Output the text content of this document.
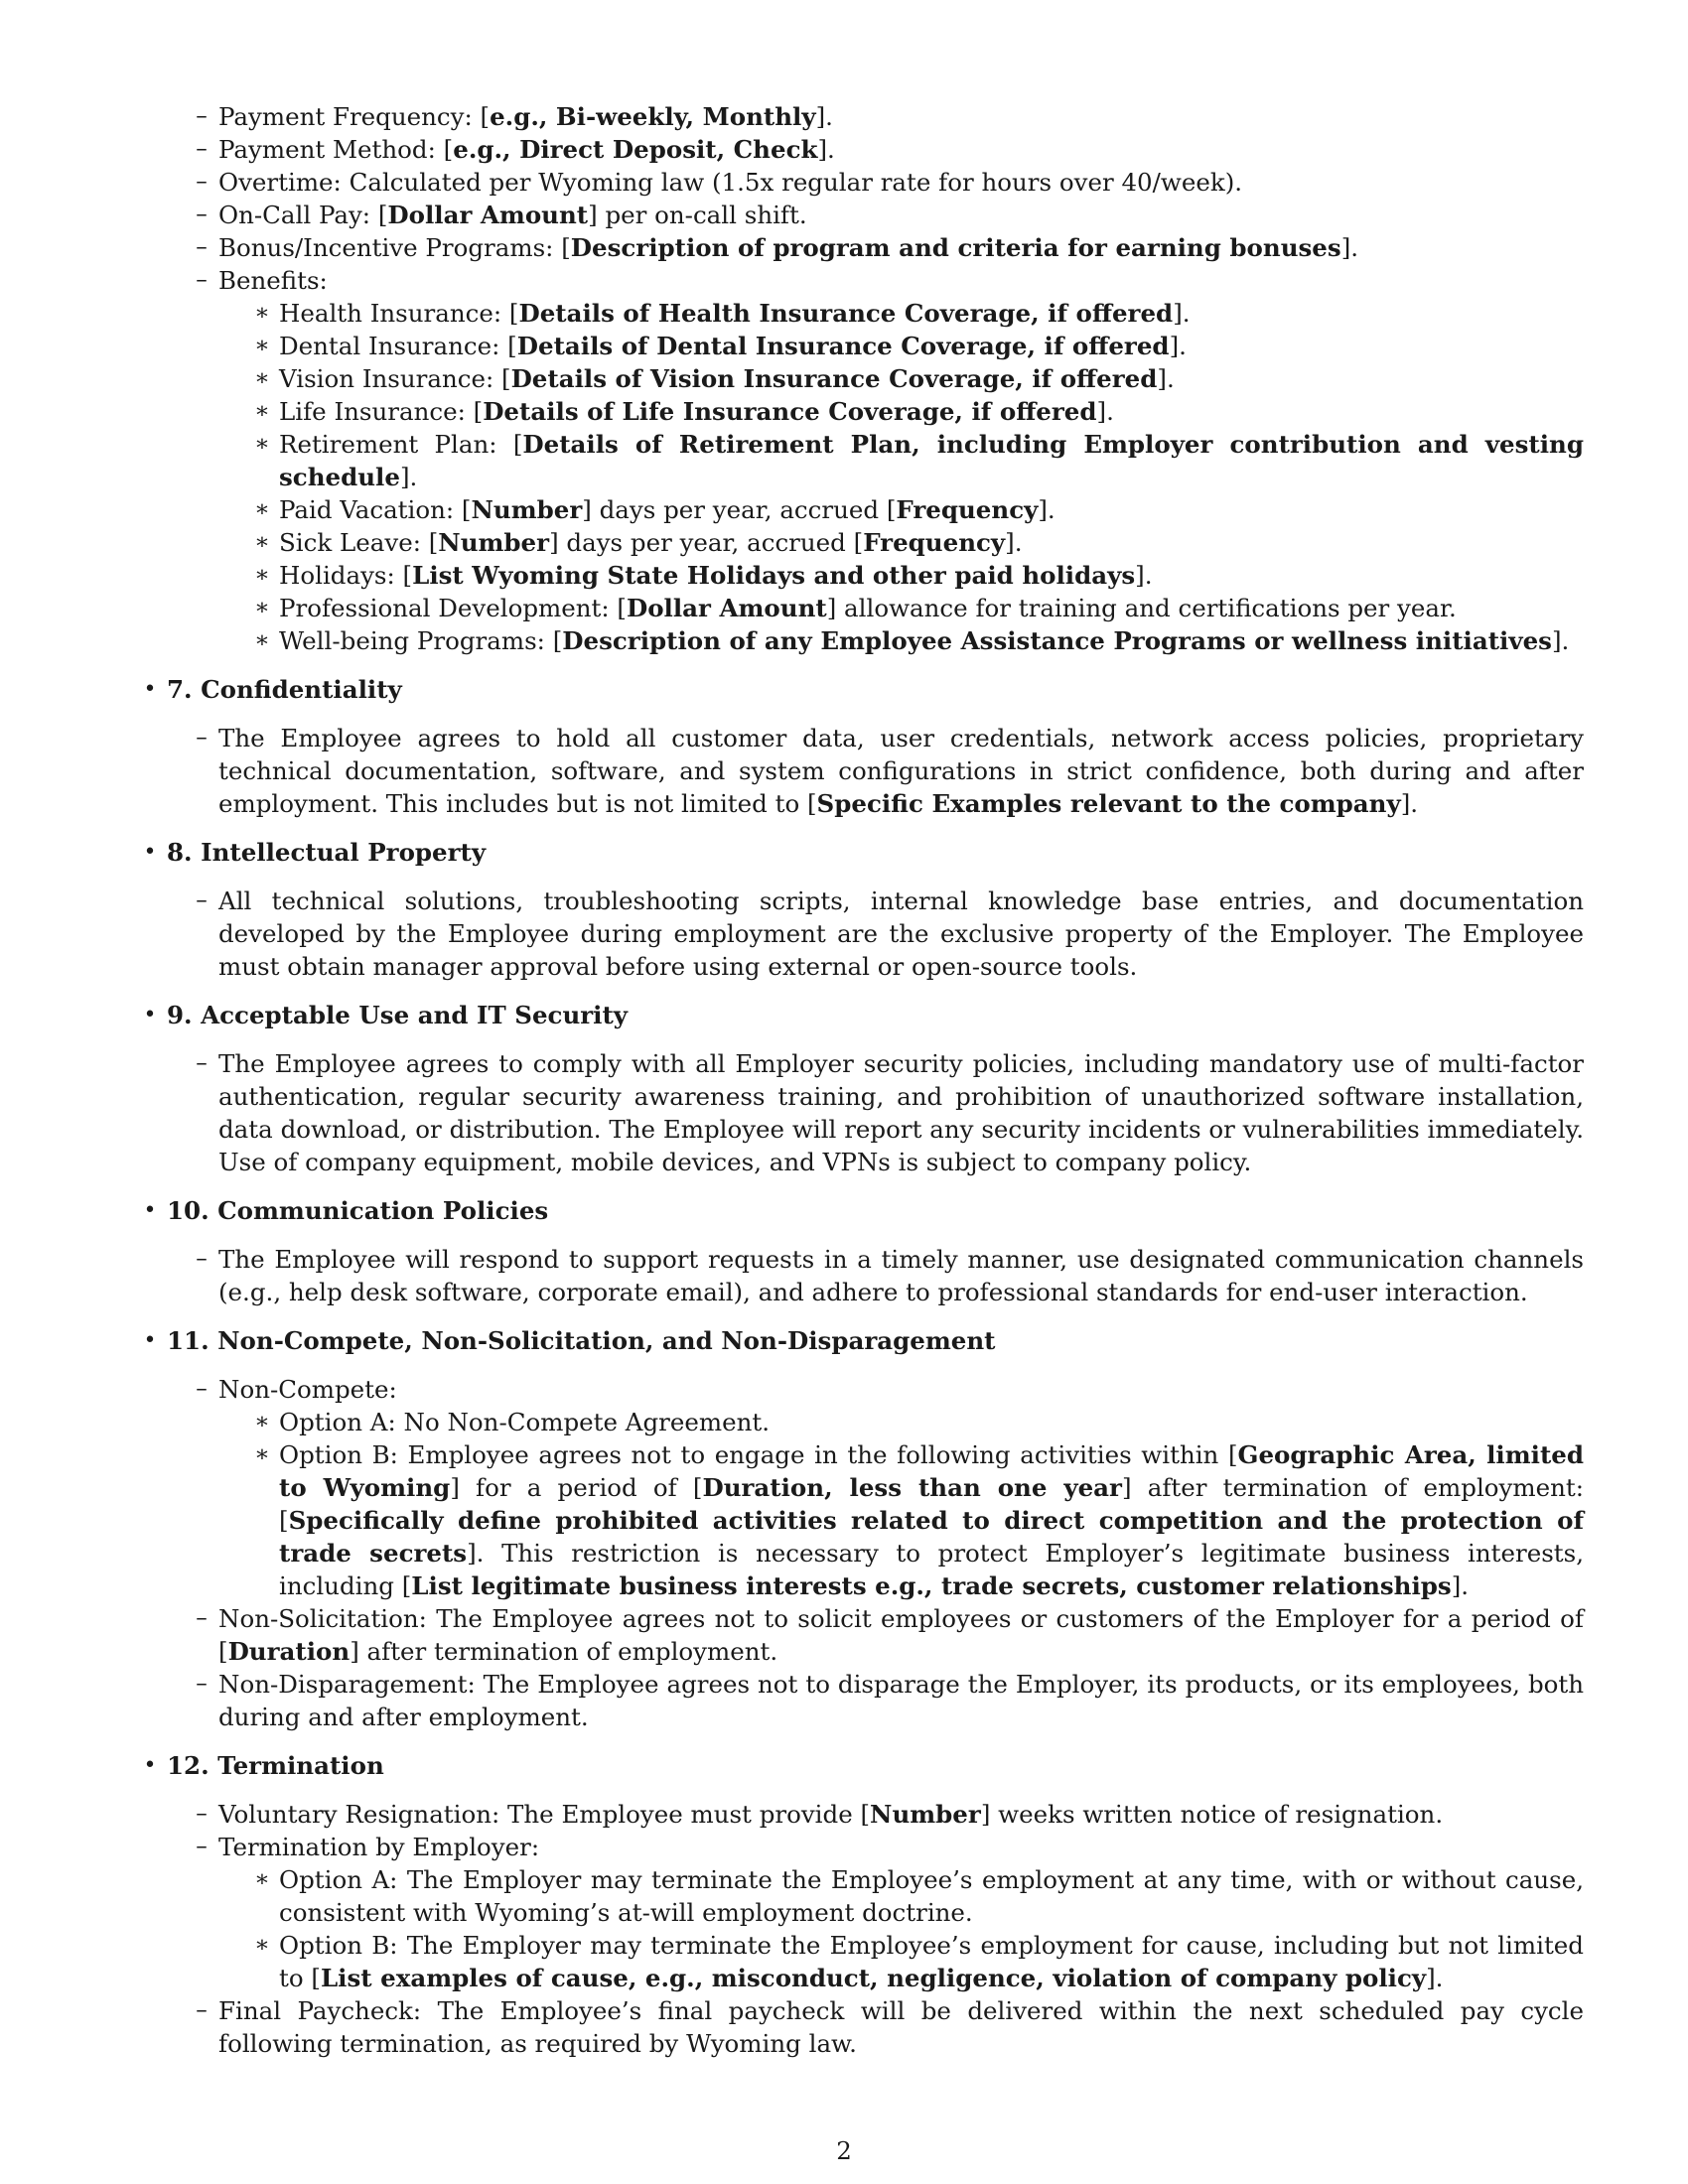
– Payment Frequency: [e.g., Bi-weekly, Monthly].
– Payment Method: [e.g., Direct Deposit, Check].
– Overtime: Calculated per Wyoming law (1.5x regular rate for hours over 40/week).
– On-Call Pay: [Dollar Amount] per on-call shift.
– Bonus/Incentive Programs: [Description of program and criteria for earning bonuses].
– Benefits:
∗ Health Insurance: [Details of Health Insurance Coverage, if offered].
∗ Dental Insurance: [Details of Dental Insurance Coverage, if offered].
∗ Vision Insurance: [Details of Vision Insurance Coverage, if offered].
∗ Life Insurance: [Details of Life Insurance Coverage, if offered].
∗ Retirement Plan: [Details of Retirement Plan, including Employer contribution and vesting schedule].
∗ Paid Vacation: [Number] days per year, accrued [Frequency].
∗ Sick Leave: [Number] days per year, accrued [Frequency].
∗ Holidays: [List Wyoming State Holidays and other paid holidays].
∗ Professional Development: [Dollar Amount] allowance for training and certifications per year.
∗ Well-being Programs: [Description of any Employee Assistance Programs or wellness initiatives].
• 7. Confidentiality
– The Employee agrees to hold all customer data, user credentials, network access policies, proprietary technical documentation, software, and system configurations in strict confidence, both during and after employment. This includes but is not limited to [Specific Examples relevant to the company].
• 8. Intellectual Property
– All technical solutions, troubleshooting scripts, internal knowledge base entries, and documentation developed by the Employee during employment are the exclusive property of the Employer. The Employee must obtain manager approval before using external or open-source tools.
• 9. Acceptable Use and IT Security
– The Employee agrees to comply with all Employer security policies, including mandatory use of multi-factor authentication, regular security awareness training, and prohibition of unauthorized software installation, data download, or distribution. The Employee will report any security incidents or vulnerabilities immediately. Use of company equipment, mobile devices, and VPNs is subject to company policy.
• 10. Communication Policies
– The Employee will respond to support requests in a timely manner, use designated communication channels (e.g., help desk software, corporate email), and adhere to professional standards for end-user interaction.
• 11. Non-Compete, Non-Solicitation, and Non-Disparagement
– Non-Compete:
∗ Option A: No Non-Compete Agreement.
∗ Option B: Employee agrees not to engage in the following activities within [Geographic Area, limited to Wyoming] for a period of [Duration, less than one year] after termination of employment: [Specifically define prohibited activities related to direct competition and the protection of trade secrets]. This restriction is necessary to protect Employer’s legitimate business interests, including [List legitimate business interests e.g., trade secrets, customer relationships].
– Non-Solicitation: The Employee agrees not to solicit employees or customers of the Employer for a period of [Duration] after termination of employment.
– Non-Disparagement: The Employee agrees not to disparage the Employer, its products, or its employees, both during and after employment.
• 12. Termination
– Voluntary Resignation: The Employee must provide [Number] weeks written notice of resignation.
– Termination by Employer:
∗ Option A: The Employer may terminate the Employee’s employment at any time, with or without cause, consistent with Wyoming’s at-will employment doctrine.
∗ Option B: The Employer may terminate the Employee’s employment for cause, including but not limited to [List examples of cause, e.g., misconduct, negligence, violation of company policy].
– Final Paycheck: The Employee’s final paycheck will be delivered within the next scheduled pay cycle following termination, as required by Wyoming law.
2
